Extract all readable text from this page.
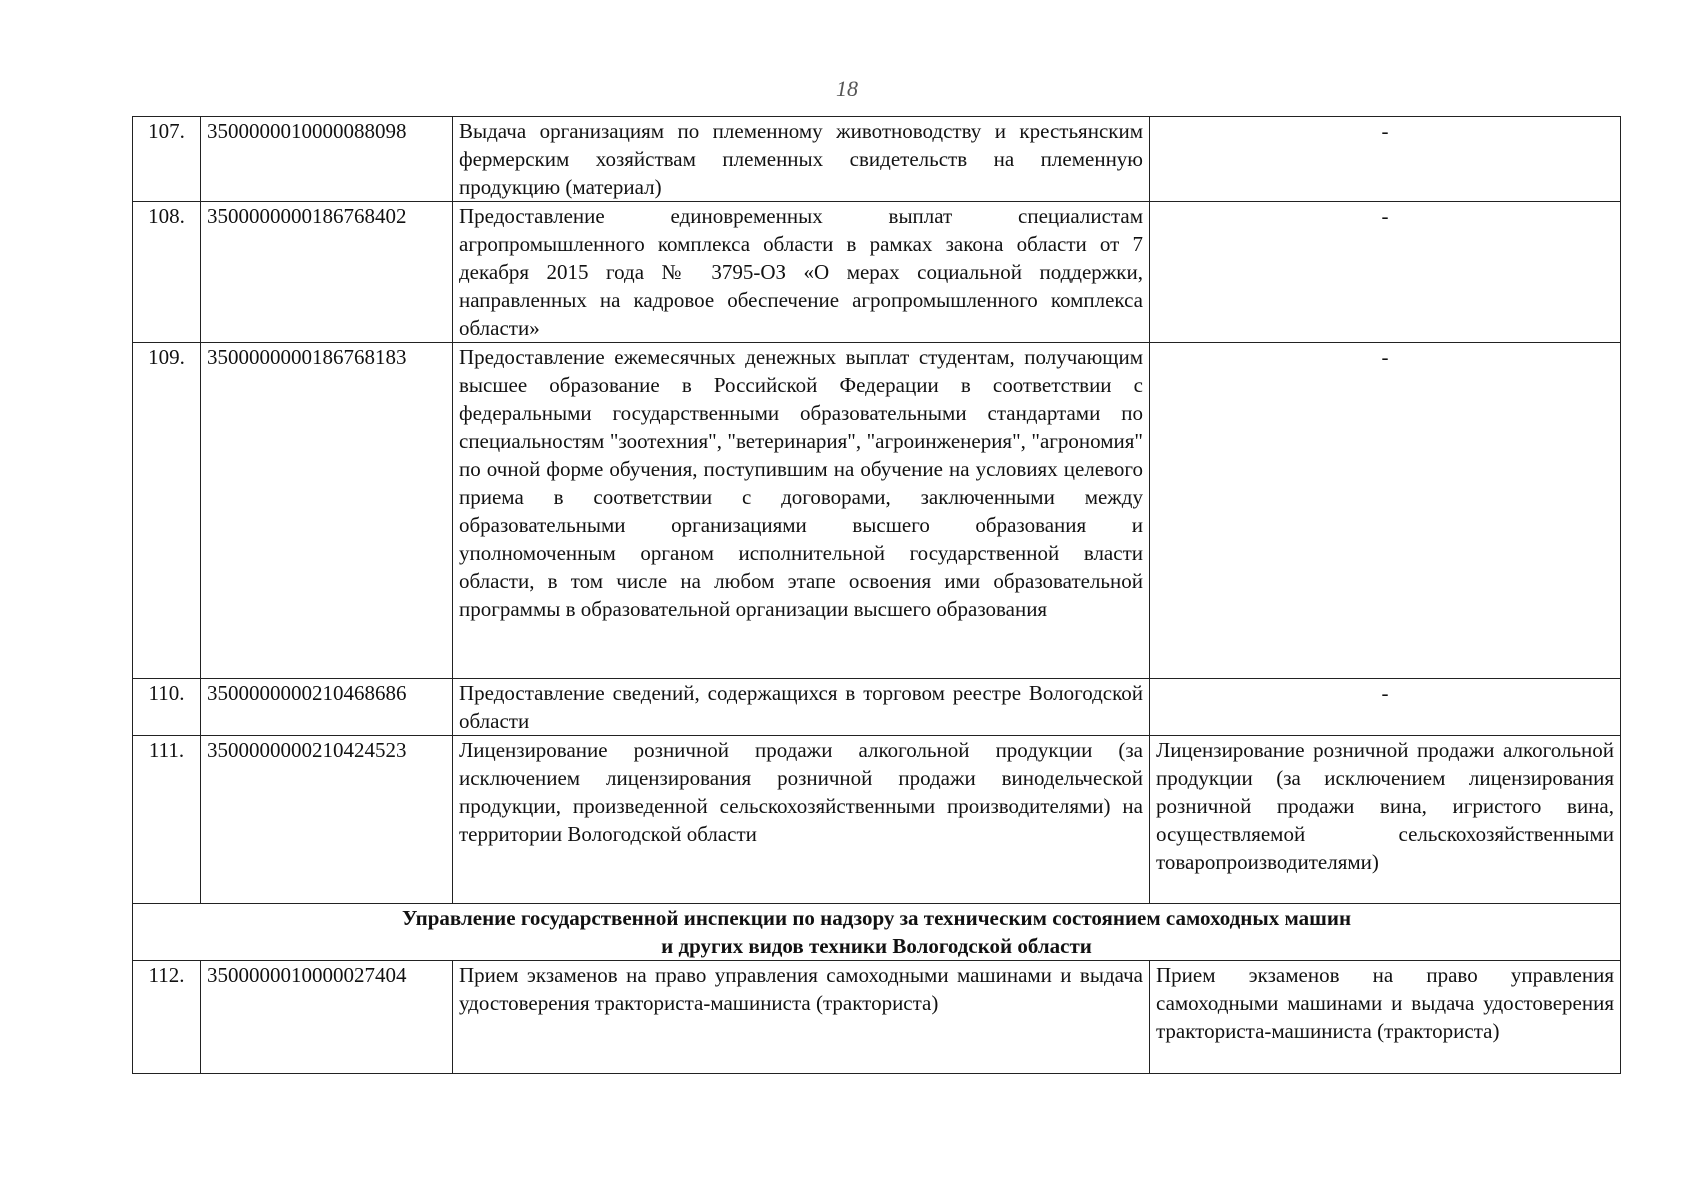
18
107.	3500000010000088098	Выдача организациям по племенному животноводству и крестьянским фермерским хозяйствам племенных свидетельств на племенную продукцию (материал)	-
108.	3500000000186768402	Предоставление единовременных выплат специалистам агропромышленного комплекса области в рамках закона области от 7 декабря 2015 года № 3795-ОЗ «О мерах социальной поддержки, направленных на кадровое обеспечение агропромышленного комплекса области»	-
109.	3500000000186768183	Предоставление ежемесячных денежных выплат студентам, получающим высшее образование в Российской Федерации в соответствии с федеральными государственными образовательными стандартами по специальностям "зоотехния", "ветеринария", "агроинженерия", "агрономия" по очной форме обучения, поступившим на обучение на условиях целевого приема в соответствии с договорами, заключенными между образовательными организациями высшего образования и уполномоченным органом исполнительной государственной власти области, в том числе на любом этапе освоения ими образовательной программы в образовательной организации высшего образования	-
110.	3500000000210468686	Предоставление сведений, содержащихся в торговом реестре Вологодской области	-
111.	3500000000210424523	Лицензирование розничной продажи алкогольной продукции (за исключением лицензирования розничной продажи винодельческой продукции, произведенной сельскохозяйственными производителями) на территории Вологодской области	Лицензирование розничной продажи алкогольной продукции (за исключением лицензирования розничной продажи вина, игристого вина, осуществляемой сельскохозяйственными товаропроизводителями)

Управление государственной инспекции по надзору за техническим состоянием самоходных машин
и других видов техники Вологодской области			

112.	3500000010000027404	Прием экзаменов на право управления самоходными машинами и выдача удостоверения тракториста-машиниста (тракториста)	Прием экзаменов на право управления самоходными машинами и выдача удостоверения тракториста-машиниста (тракториста)
